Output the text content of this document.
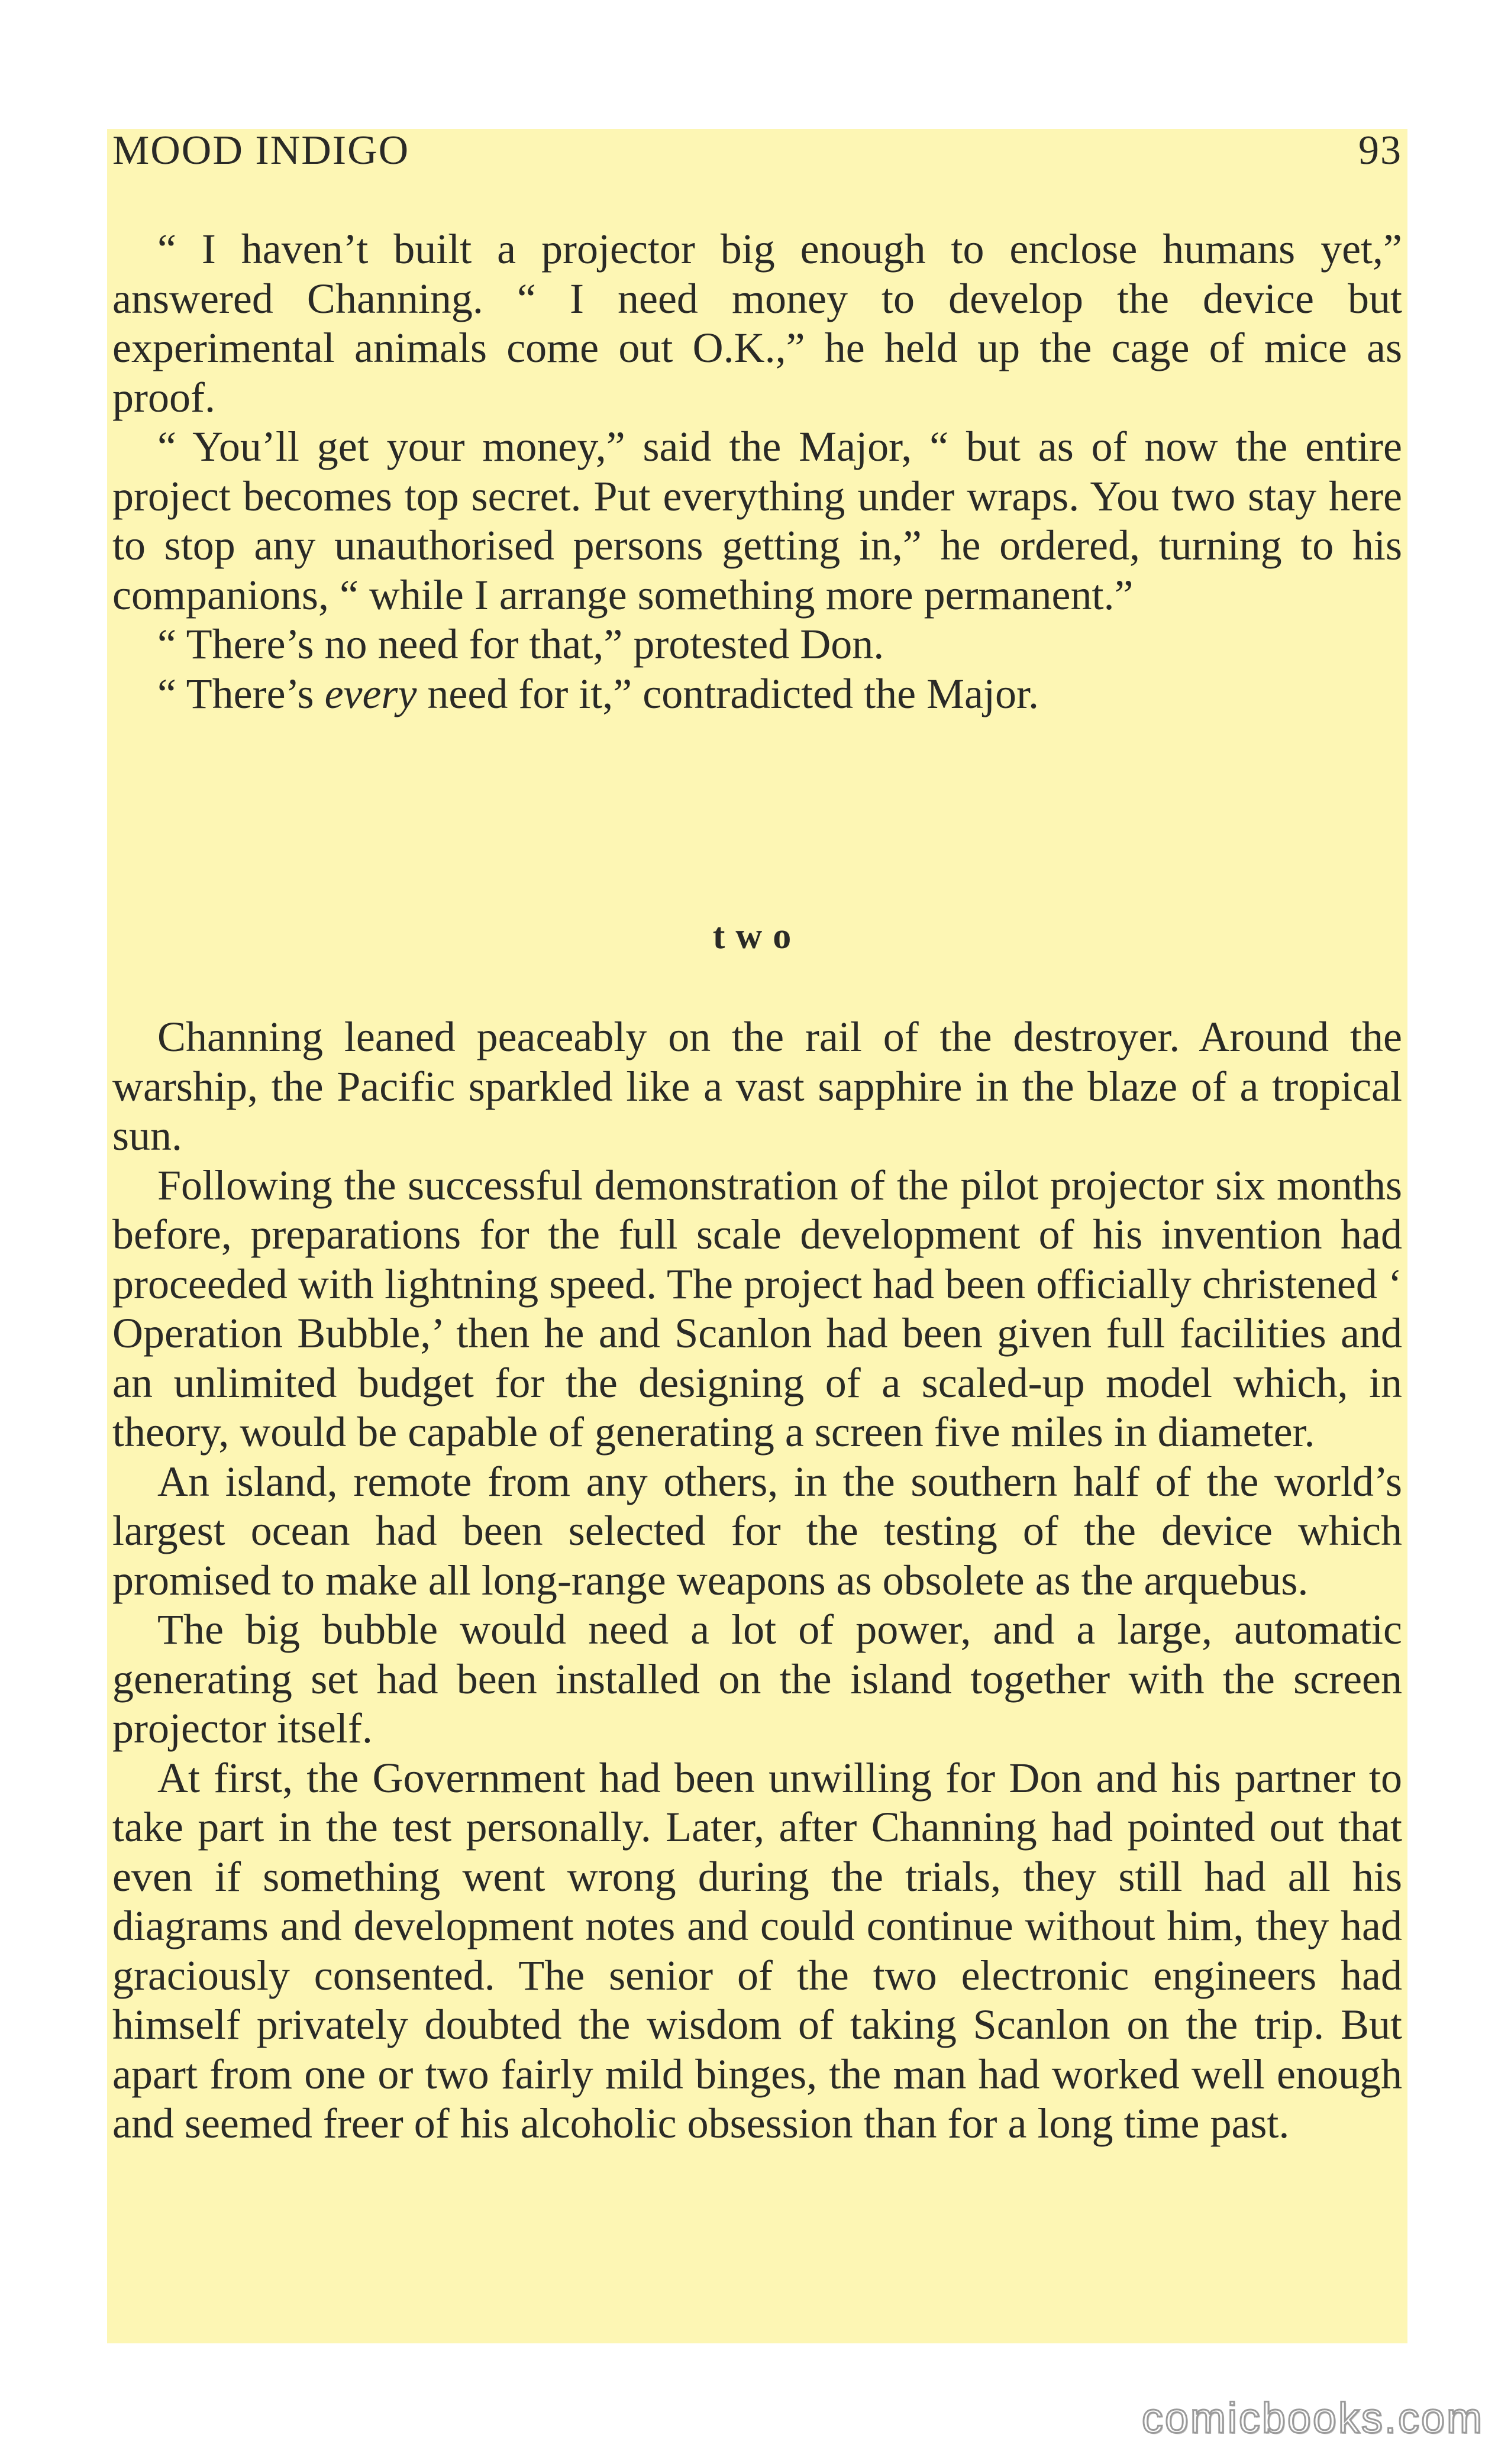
MOOD INDIGO	93

“ I haven’t built a projector big enough to enclose humans yet,” answered Channing. “ I need money to develop the device but experimental animals come out O.K.,” he held up the cage of mice as proof.

“ You’ll get your money,” said the Major, “ but as of now the entire project becomes top secret. Put everything under wraps. You two stay here to stop any unauthorised persons getting in,” he ordered, turning to his companions, “ while I arrange something more permanent.”

“ There’s no need for that,” protested Don.

“ There’s every need for it,” contradicted the Major.

two

Channing leaned peaceably on the rail of the destroyer. Around the warship, the Pacific sparkled like a vast sapphire in the blaze of a tropical sun.

Following the successful demonstration of the pilot projector six months before, preparations for the full scale development of his invention had proceeded with lightning speed. The project had been officially christened ‘ Operation Bubble,’ then he and Scanlon had been given full facilities and an unlimited budget for the designing of a scaled-up model which, in theory, would be capable of generating a screen five miles in diameter.

An island, remote from any others, in the southern half of the world’s largest ocean had been selected for the testing of the device which promised to make all long-range weapons as obsolete as the arquebus.

The big bubble would need a lot of power, and a large, automatic generating set had been installed on the island together with the screen projector itself.

At first, the Government had been unwilling for Don and his partner to take part in the test personally. Later, after Channing had pointed out that even if something went wrong during the trials, they still had all his diagrams and development notes and could continue without him, they had graciously consented. The senior of the two electronic engineers had himself privately doubted the wisdom of taking Scanlon on the trip. But apart from one or two fairly mild binges, the man had worked well enough and seemed freer of his alcoholic obsession than for a long time past.

comicbooks.com
